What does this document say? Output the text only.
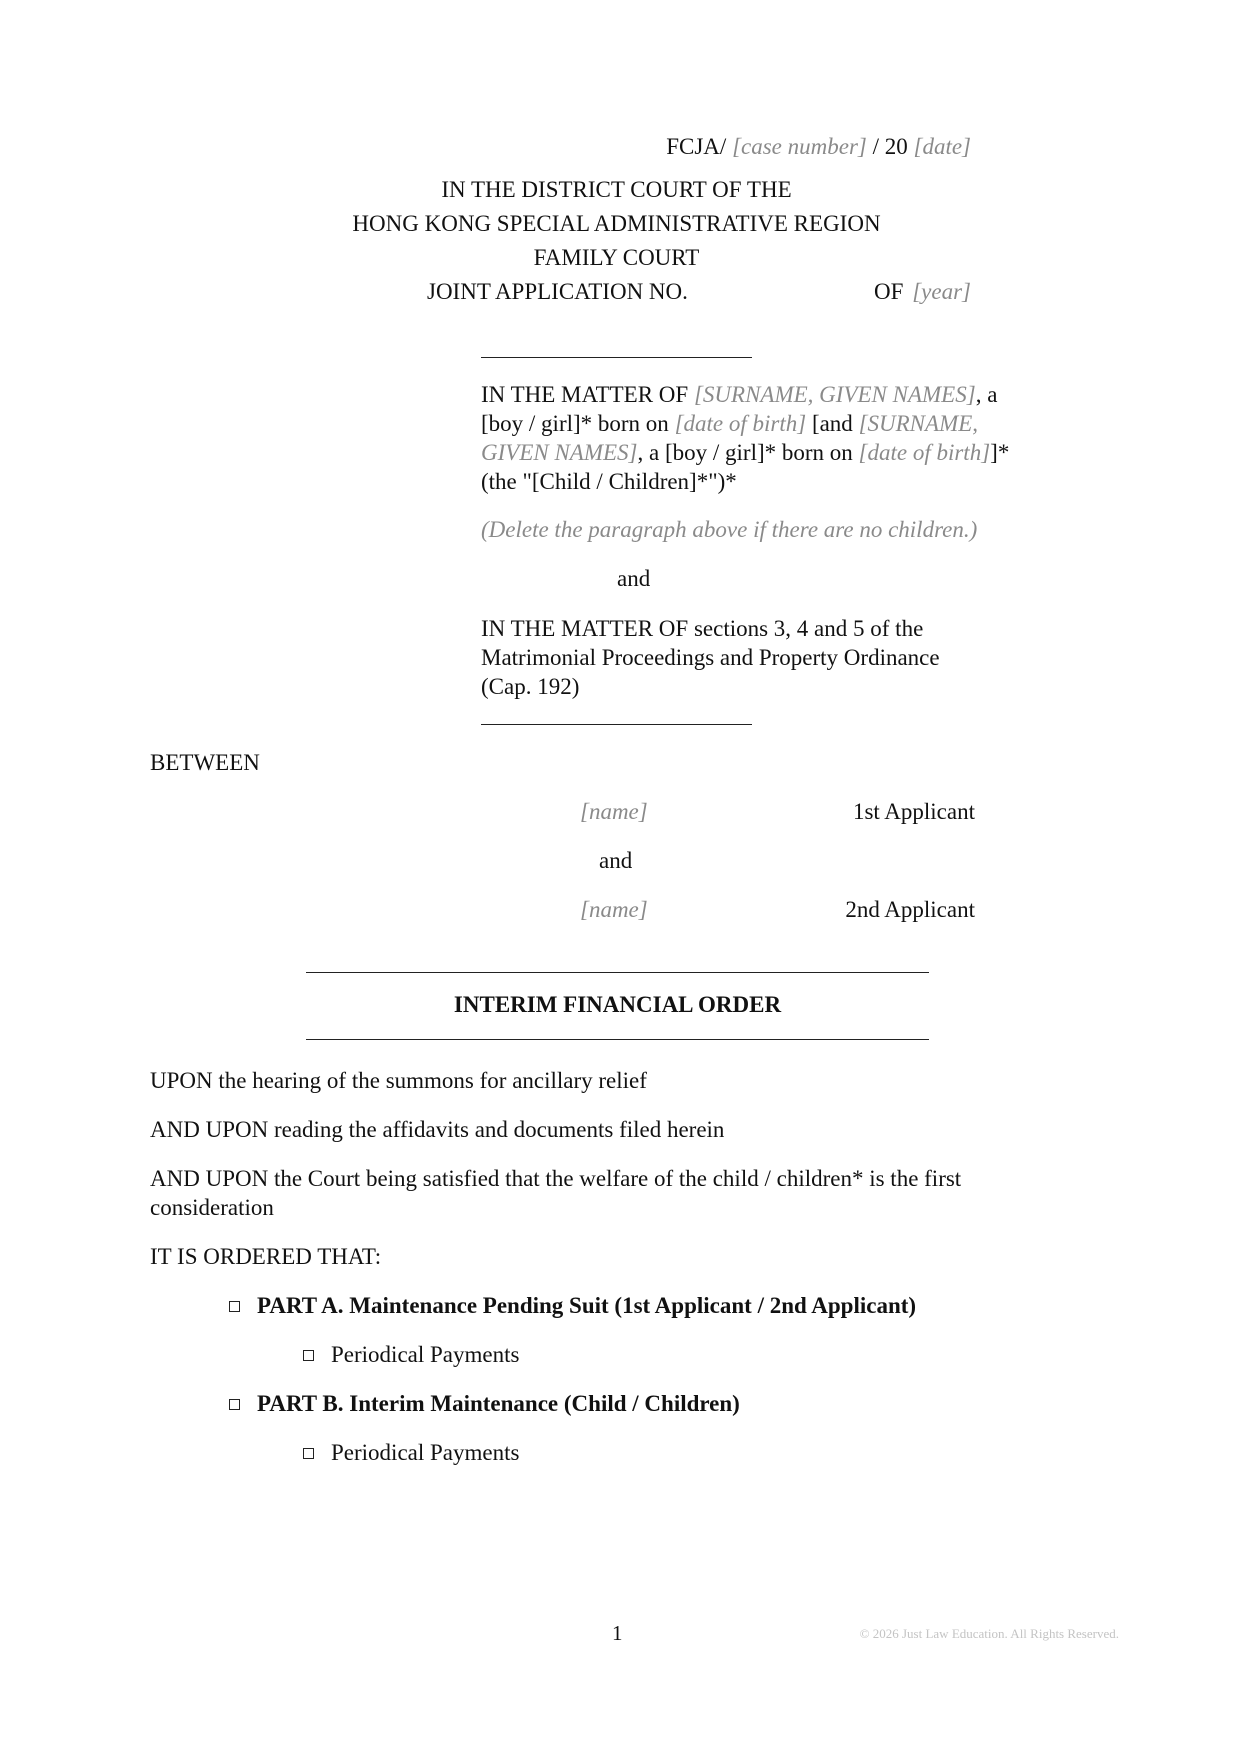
FCJA/ [case number] / 20 [date]
IN THE DISTRICT COURT OF THE
HONG KONG SPECIAL ADMINISTRATIVE REGION
FAMILY COURT
JOINT APPLICATION NO.	OF [year]
IN THE MATTER OF [SURNAME, GIVEN NAMES], a
[boy / girl]* born on [date of birth] [and [SURNAME,
GIVEN NAMES], a [boy / girl]* born on [date of birth]]*
(the "[Child / Children]*")*
(Delete the paragraph above if there are no children.)
and
IN THE MATTER OF sections 3, 4 and 5 of the
Matrimonial Proceedings and Property Ordinance
(Cap. 192)
BETWEEN
[name]	1st Applicant
and
[name]	2nd Applicant
INTERIM FINANCIAL ORDER
UPON the hearing of the summons for ancillary relief
AND UPON reading the affidavits and documents filed herein
AND UPON the Court being satisfied that the welfare of the child / children* is the first
consideration
IT IS ORDERED THAT:
PART A. Maintenance Pending Suit (1st Applicant / 2nd Applicant)
Periodical Payments
PART B. Interim Maintenance (Child / Children)
Periodical Payments
1	© 2026 Just Law Education. All Rights Reserved.
